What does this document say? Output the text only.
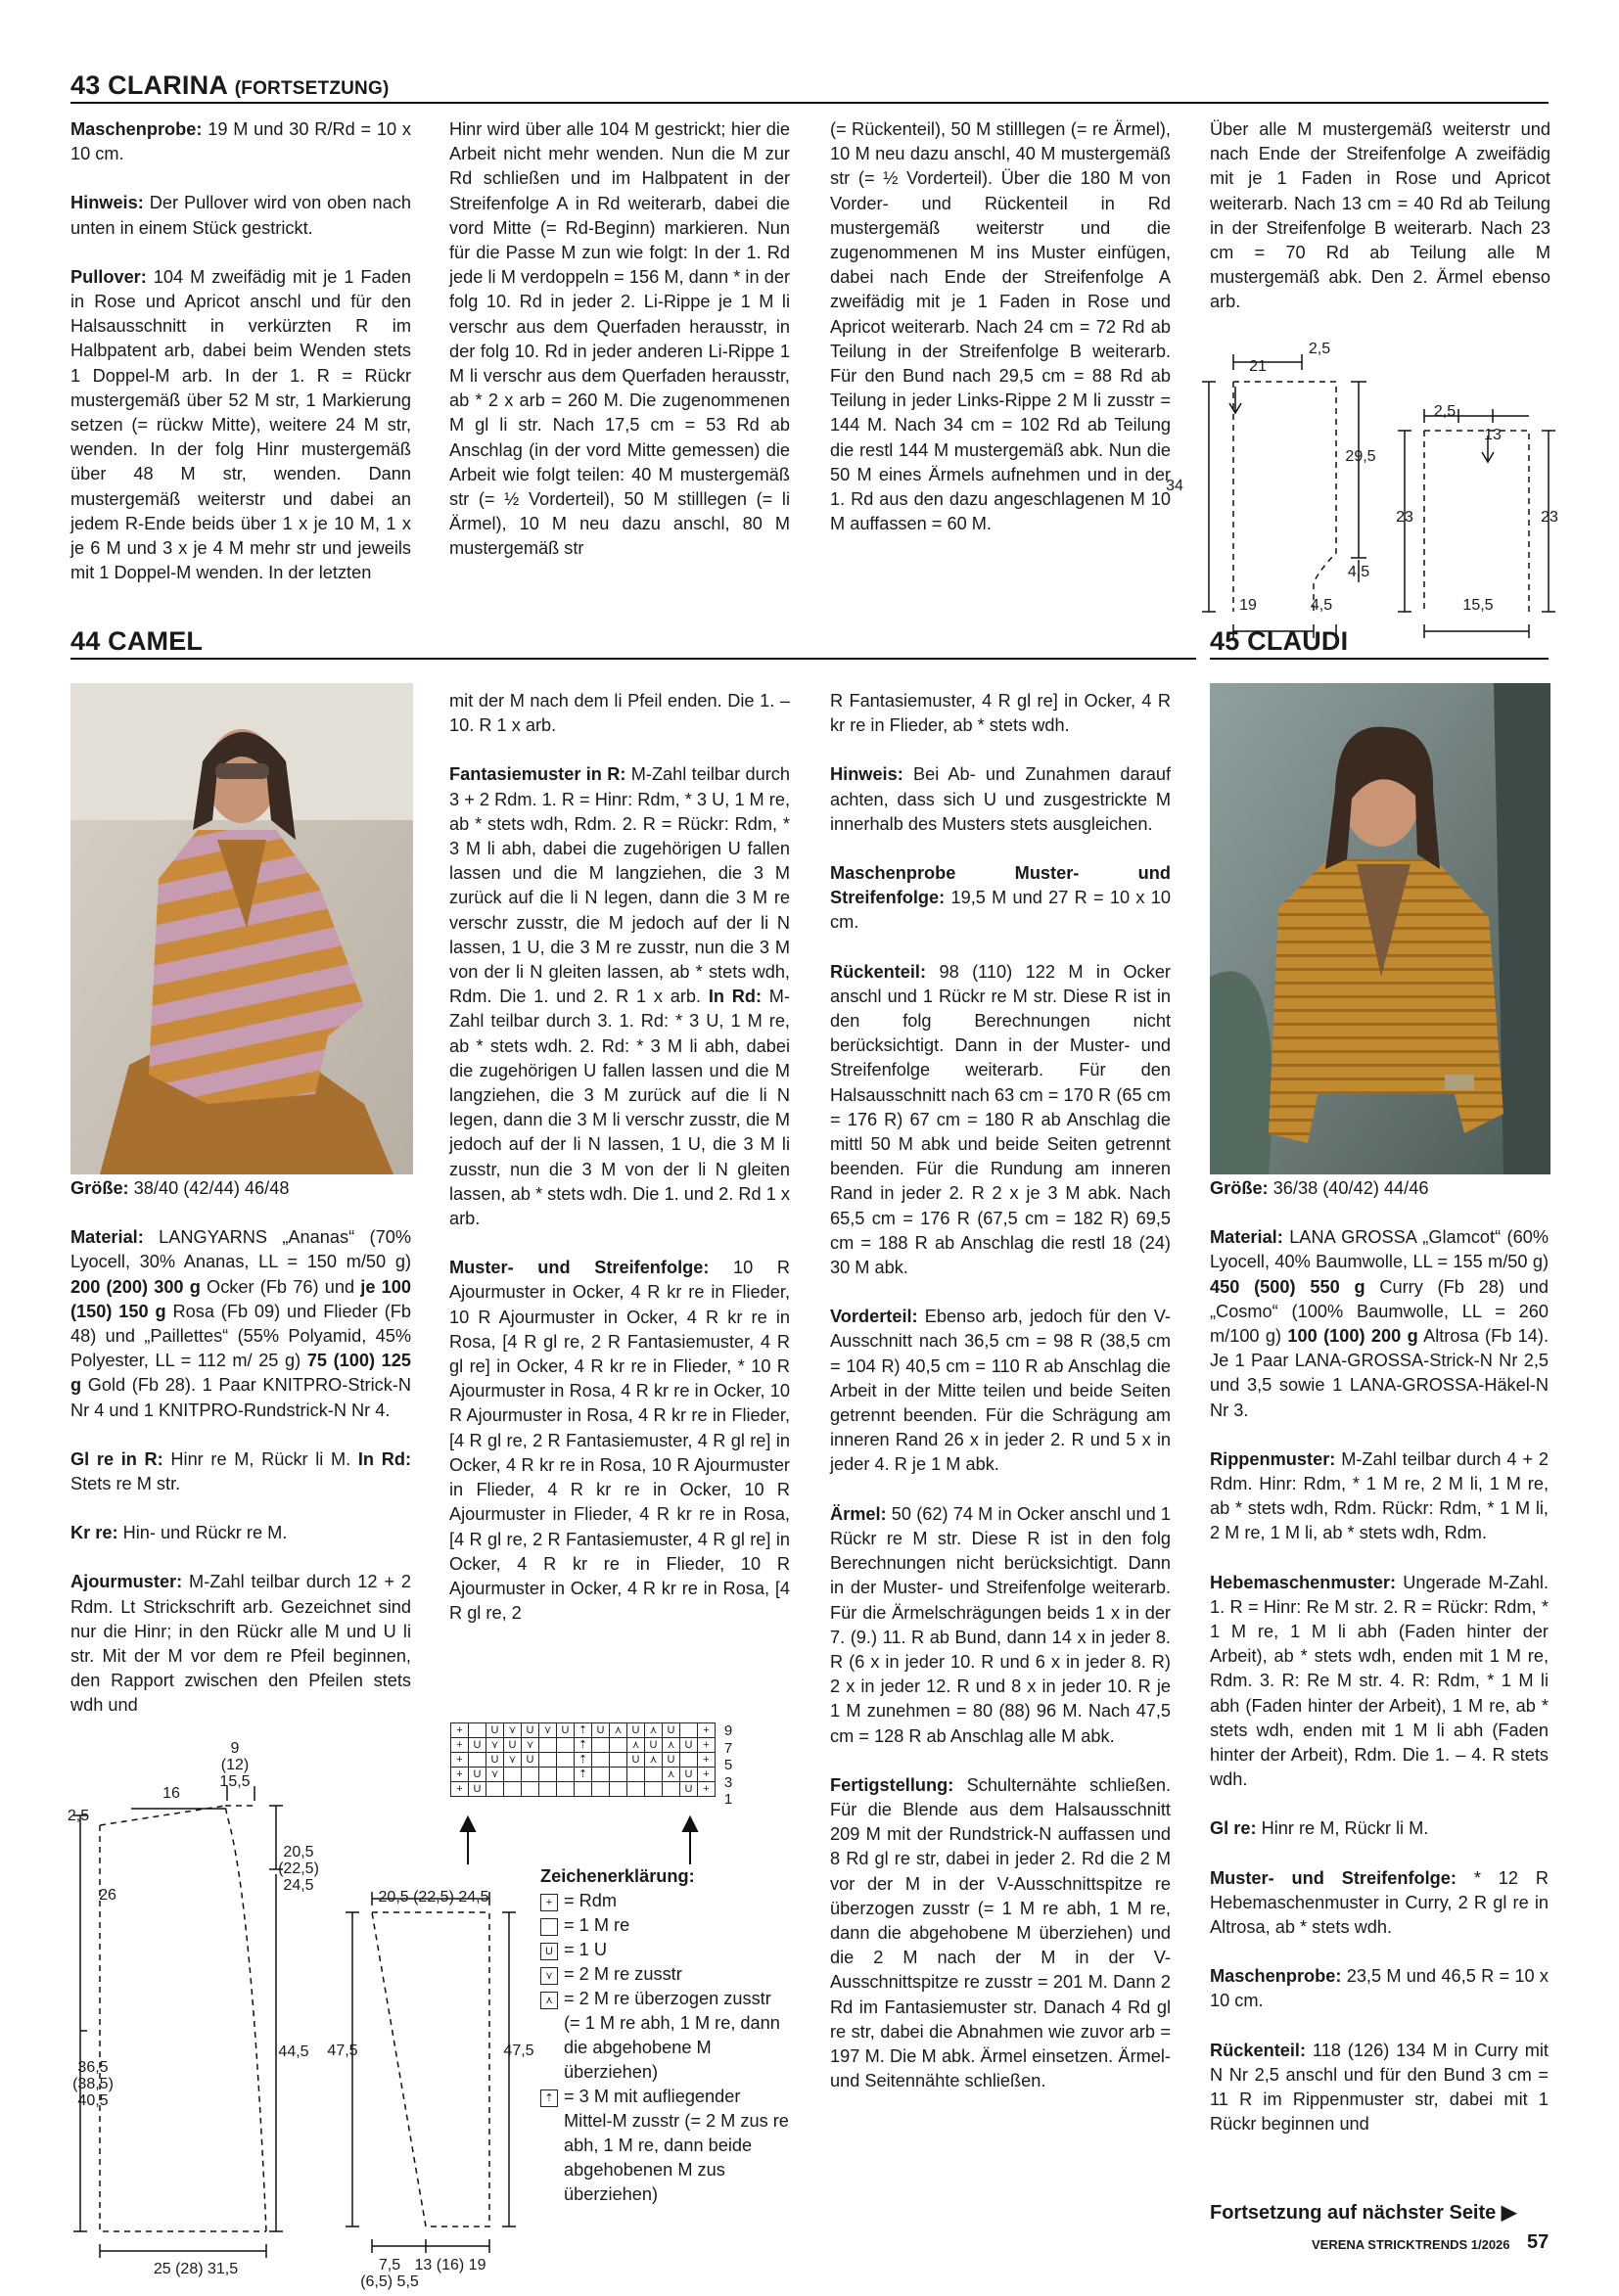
43 CLARINA (FORTSETZUNG)

Maschenprobe: 19 M und 30 R/Rd = 10 x 10 cm.

Hinweis: Der Pullover wird von oben nach unten in einem Stück gestrickt.

Pullover: 104 M zweifädig mit je 1 Faden in Rose und Apricot anschl und für den Halsausschnitt in verkürzten R im Halbpatent arb, dabei beim Wenden stets 1 Doppel-M arb. In der 1. R = Rückr mustergemäß über 52 M str, 1 Markierung setzen (= rückw Mitte), weitere 24 M str, wenden. In der folg Hinr mustergemäß über 48 M str, wenden. Dann mustergemäß weiterstr und dabei an jedem R-Ende beids über 1 x je 10 M, 1 x je 6 M und 3 x je 4 M mehr str und jeweils mit 1 Doppel-M wenden. In der letzten

Hinr wird über alle 104 M gestrickt; hier die Arbeit nicht mehr wenden. Nun die M zur Rd schließen und im Halbpatent in der Streifenfolge A in Rd weiterarb, dabei die vord Mitte (= Rd-Beginn) markieren. Nun für die Passe M zun wie folgt: In der 1. Rd jede li M verdoppeln = 156 M, dann * in der folg 10. Rd in jeder 2. Li-Rippe je 1 M li verschr aus dem Querfaden herausstr, in der folg 10. Rd in jeder anderen Li-Rippe 1 M li verschr aus dem Querfaden herausstr, ab * 2 x arb = 260 M. Die zugenommenen M gl li str. Nach 17,5 cm = 53 Rd ab Anschlag (in der vord Mitte gemessen) die Arbeit wie folgt teilen: 40 M mustergemäß str (= ½ Vorderteil), 50 M stilllegen (= li Ärmel), 10 M neu dazu anschl, 80 M mustergemäß str

(= Rückenteil), 50 M stilllegen (= re Ärmel), 10 M neu dazu anschl, 40 M mustergemäß str (= ½ Vorderteil). Über die 180 M von Vorder- und Rückenteil in Rd mustergemäß weiterstr und die zugenommenen M ins Muster einfügen, dabei nach Ende der Streifenfolge A zweifädig mit je 1 Faden in Rose und Apricot weiterarb. Nach 24 cm = 72 Rd ab Teilung in der Streifenfolge B weiterarb. Für den Bund nach 29,5 cm = 88 Rd ab Teilung in jeder Links-Rippe 2 M li zusstr = 144 M. Nach 34 cm = 102 Rd ab Teilung die restl 144 M mustergemäß abk. Nun die 50 M eines Ärmels aufnehmen und in der 1. Rd aus den dazu angeschlagenen M 10 M auffassen = 60 M.

Über alle M mustergemäß weiterstr und nach Ende der Streifenfolge A zweifädig mit je 1 Faden in Rose und Apricot weiterarb. Nach 13 cm = 40 Rd ab Teilung in der Streifenfolge B weiterarb. Nach 23 cm = 70 Rd ab Teilung alle M mustergemäß abk. Den 2. Ärmel ebenso arb.

2,5
21
29,5
34
4,5
19	4,5
2,5
13
23	23
15,5
44 CAMEL	45 CLAUDI

Größe: 38/40 (42/44) 46/48

Material: LANGYARNS „Ananas“ (70% Lyocell, 30% Ananas, LL = 150 m/50 g) 200 (200) 300 g Ocker (Fb 76) und je 100 (150) 150 g Rosa (Fb 09) und Flieder (Fb 48) und „Paillettes“ (55% Polyamid, 45% Polyester, LL = 112 m/ 25 g) 75 (100) 125 g Gold (Fb 28). 1 Paar KNITPRO-Strick-N Nr 4 und 1 KNITPRO-Rundstrick-N Nr 4.

Gl re in R: Hinr re M, Rückr li M. In Rd: Stets re M str.

Kr re: Hin- und Rückr re M.

Ajourmuster: M-Zahl teilbar durch 12 + 2 Rdm. Lt Strickschrift arb. Gezeichnet sind nur die Hinr; in den Rückr alle M und U li str. Mit der M vor dem re Pfeil beginnen, den Rapport zwischen den Pfeilen stets wdh und

9
(12)
15,5
16
2,5
20,5
(22,5)
24,5
26
36,5
(38,5)
40,5
44,5
25 (28) 31,5
20,5 (22,5) 24,5
47,5	47,5
7,5
(6,5) 5,5
13 (16) 19

mit der M nach dem li Pfeil enden. Die 1. – 10. R 1 x arb.

Fantasiemuster in R: M-Zahl teilbar durch 3 + 2 Rdm. 1. R = Hinr: Rdm, * 3 U, 1 M re, ab * stets wdh, Rdm. 2. R = Rückr: Rdm, * 3 M li abh, dabei die zugehörigen U fallen lassen und die M langziehen, die 3 M zurück auf die li N legen, dann die 3 M re verschr zusstr, die M jedoch auf der li N lassen, 1 U, die 3 M re zusstr, nun die 3 M von der li N gleiten lassen, ab * stets wdh, Rdm. Die 1. und 2. R 1 x arb. In Rd: M-Zahl teilbar durch 3. 1. Rd: * 3 U, 1 M re, ab * stets wdh. 2. Rd: * 3 M li abh, dabei die zugehörigen U fallen lassen und die M langziehen, die 3 M zurück auf die li N legen, dann die 3 M li verschr zusstr, die M jedoch auf der li N lassen, 1 U, die 3 M li zusstr, nun die 3 M von der li N gleiten lassen, ab * stets wdh. Die 1. und 2. Rd 1 x arb.

Muster- und Streifenfolge: 10 R Ajourmuster in Ocker, 4 R kr re in Flieder, 10 R Ajourmuster in Ocker, 4 R kr re in Rosa, [4 R gl re, 2 R Fantasiemuster, 4 R gl re] in Ocker, 4 R kr re in Flieder, * 10 R Ajourmuster in Rosa, 4 R kr re in Ocker, 10 R Ajourmuster in Rosa, 4 R kr re in Flieder, [4 R gl re, 2 R Fantasiemuster, 4 R gl re] in Ocker, 4 R kr re in Rosa, 10 R Ajourmuster in Flieder, 4 R kr re in Ocker, 10 R Ajourmuster in Flieder, 4 R kr re in Rosa, [4 R gl re, 2 R Fantasiemuster, 4 R gl re] in Ocker, 4 R kr re in Flieder, 10 R Ajourmuster in Ocker, 4 R kr re in Rosa, [4 R gl re, 2

+		U	⋎	U	⋎	U	⇡	U	⋏	U	⋏	U		+
+	U	⋎	U	⋎			⇡			⋏	U	⋏	U	+
+		U	⋎	U			⇡			U	⋏	U		+
+	U	⋎					⇡					⋏	U	+
+	U												U	+
9
7
5
3
1
Zeichenerklärung:
+ = Rdm
= 1 M re
U = 1 U
⋎ = 2 M re zusstr
⋏ = 2 M re überzogen zusstr (= 1 M re abh, 1 M re, dann die abgehobene M überziehen)
⇡ = 3 M mit aufliegender Mittel-M zusstr (= 2 M zus re abh, 1 M re, dann beide abgehobenen M zus überziehen)

R Fantasiemuster, 4 R gl re] in Ocker, 4 R kr re in Flieder, ab * stets wdh.

Hinweis: Bei Ab- und Zunahmen darauf achten, dass sich U und zusgestrickte M innerhalb des Musters stets ausgleichen.

Maschenprobe Muster- und Streifenfolge: 19,5 M und 27 R = 10 x 10 cm.

Rückenteil: 98 (110) 122 M in Ocker anschl und 1 Rückr re M str. Diese R ist in den folg Berechnungen nicht berücksichtigt. Dann in der Muster- und Streifenfolge weiterarb. Für den Halsausschnitt nach 63 cm = 170 R (65 cm = 176 R) 67 cm = 180 R ab Anschlag die mittl 50 M abk und beide Seiten getrennt beenden. Für die Rundung am inneren Rand in jeder 2. R 2 x je 3 M abk. Nach 65,5 cm = 176 R (67,5 cm = 182 R) 69,5 cm = 188 R ab Anschlag die restl 18 (24) 30 M abk.

Vorderteil: Ebenso arb, jedoch für den V-Ausschnitt nach 36,5 cm = 98 R (38,5 cm = 104 R) 40,5 cm = 110 R ab Anschlag die Arbeit in der Mitte teilen und beide Seiten getrennt beenden. Für die Schrägung am inneren Rand 26 x in jeder 2. R und 5 x in jeder 4. R je 1 M abk.

Ärmel: 50 (62) 74 M in Ocker anschl und 1 Rückr re M str. Diese R ist in den folg Berechnungen nicht berücksichtigt. Dann in der Muster- und Streifenfolge weiterarb. Für die Ärmelschrägungen beids 1 x in der 7. (9.) 11. R ab Bund, dann 14 x in jeder 8. R (6 x in jeder 10. R und 6 x in jeder 8. R) 2 x in jeder 12. R und 8 x in jeder 10. R je 1 M zunehmen = 80 (88) 96 M. Nach 47,5 cm = 128 R ab Anschlag alle M abk.

Fertigstellung: Schulternähte schließen. Für die Blende aus dem Halsausschnitt 209 M mit der Rundstrick-N auffassen und 8 Rd gl re str, dabei in jeder 2. Rd die 2 M vor der M in der V-Ausschnittspitze re überzogen zusstr (= 1 M re abh, 1 M re, dann die abgehobene M überziehen) und die 2 M nach der M in der V-Ausschnittspitze re zusstr = 201 M. Dann 2 Rd im Fantasiemuster str. Danach 4 Rd gl re str, dabei die Abnahmen wie zuvor arb = 197 M. Die M abk. Ärmel einsetzen. Ärmel- und Seitennähte schließen.

Größe: 36/38 (40/42) 44/46

Material: LANA GROSSA „Glamcot“ (60% Lyocell, 40% Baumwolle, LL = 155 m/50 g) 450 (500) 550 g Curry (Fb 28) und „Cosmo“ (100% Baumwolle, LL = 260 m/100 g) 100 (100) 200 g Altrosa (Fb 14). Je 1 Paar LANA-GROSSA-Strick-N Nr 2,5 und 3,5 sowie 1 LANA-GROSSA-Häkel-N Nr 3.

Rippenmuster: M-Zahl teilbar durch 4 + 2 Rdm. Hinr: Rdm, * 1 M re, 2 M li, 1 M re, ab * stets wdh, Rdm. Rückr: Rdm, * 1 M li, 2 M re, 1 M li, ab * stets wdh, Rdm.

Hebemaschenmuster: Ungerade M-Zahl. 1. R = Hinr: Re M str. 2. R = Rückr: Rdm, * 1 M re, 1 M li abh (Faden hinter der Arbeit), ab * stets wdh, enden mit 1 M re, Rdm. 3. R: Re M str. 4. R: Rdm, * 1 M li abh (Faden hinter der Arbeit), 1 M re, ab * stets wdh, enden mit 1 M li abh (Faden hinter der Arbeit), Rdm. Die 1. – 4. R stets wdh.

Gl re: Hinr re M, Rückr li M.

Muster- und Streifenfolge: * 12 R Hebemaschenmuster in Curry, 2 R gl re in Altrosa, ab * stets wdh.

Maschenprobe: 23,5 M und 46,5 R = 10 x 10 cm.

Rückenteil: 118 (126) 134 M in Curry mit N Nr 2,5 anschl und für den Bund 3 cm = 11 R im Rippenmuster str, dabei mit 1 Rückr beginnen und

Fortsetzung auf nächster Seite ▶
VERENA STRICKTRENDS 1/2026 57
